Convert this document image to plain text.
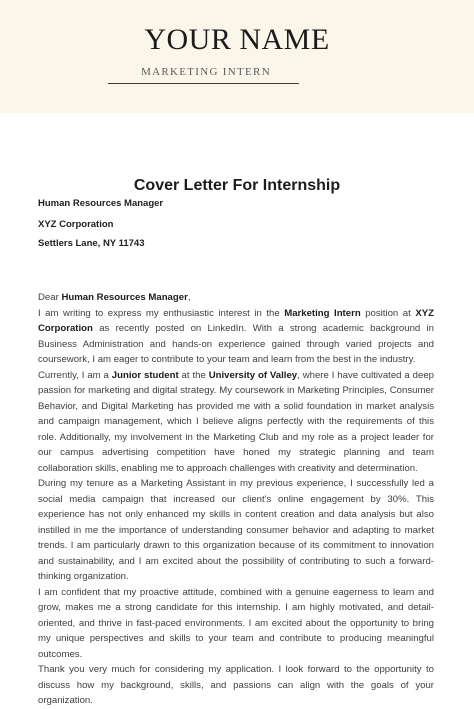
YOUR NAME
MARKETING INTERN
Cover Letter For Internship
Human Resources Manager
XYZ Corporation
Settlers Lane, NY 11743

Dear Human Resources Manager,

I am writing to express my enthusiastic interest in the Marketing Intern position at XYZ Corporation as recently posted on LinkedIn. With a strong academic background in Business Administration and hands-on experience gained through varied projects and coursework, I am eager to contribute to your team and learn from the best in the industry.

Currently, I am a Junior student at the University of Valley, where I have cultivated a deep passion for marketing and digital strategy. My coursework in Marketing Principles, Consumer Behavior, and Digital Marketing has provided me with a solid foundation in market analysis and campaign management, which I believe aligns perfectly with the requirements of this role. Additionally, my involvement in the Marketing Club and my role as a project leader for our campus advertising competition have honed my strategic planning and team collaboration skills, enabling me to approach challenges with creativity and determination.

During my tenure as a Marketing Assistant in my previous experience, I successfully led a social media campaign that increased our client's online engagement by 30%. This experience has not only enhanced my skills in content creation and data analysis but also instilled in me the importance of understanding consumer behavior and adapting to market trends. I am particularly drawn to this organization because of its commitment to innovation and sustainability, and I am excited about the possibility of contributing to such a forward-thinking organization.

I am confident that my proactive attitude, combined with a genuine eagerness to learn and grow, makes me a strong candidate for this internship. I am highly motivated, and detail-oriented, and thrive in fast-paced environments. I am excited about the opportunity to bring my unique perspectives and skills to your team and contribute to producing meaningful outcomes.

Thank you very much for considering my application. I look forward to the opportunity to discuss how my background, skills, and passions can align with the goals of your organization.
